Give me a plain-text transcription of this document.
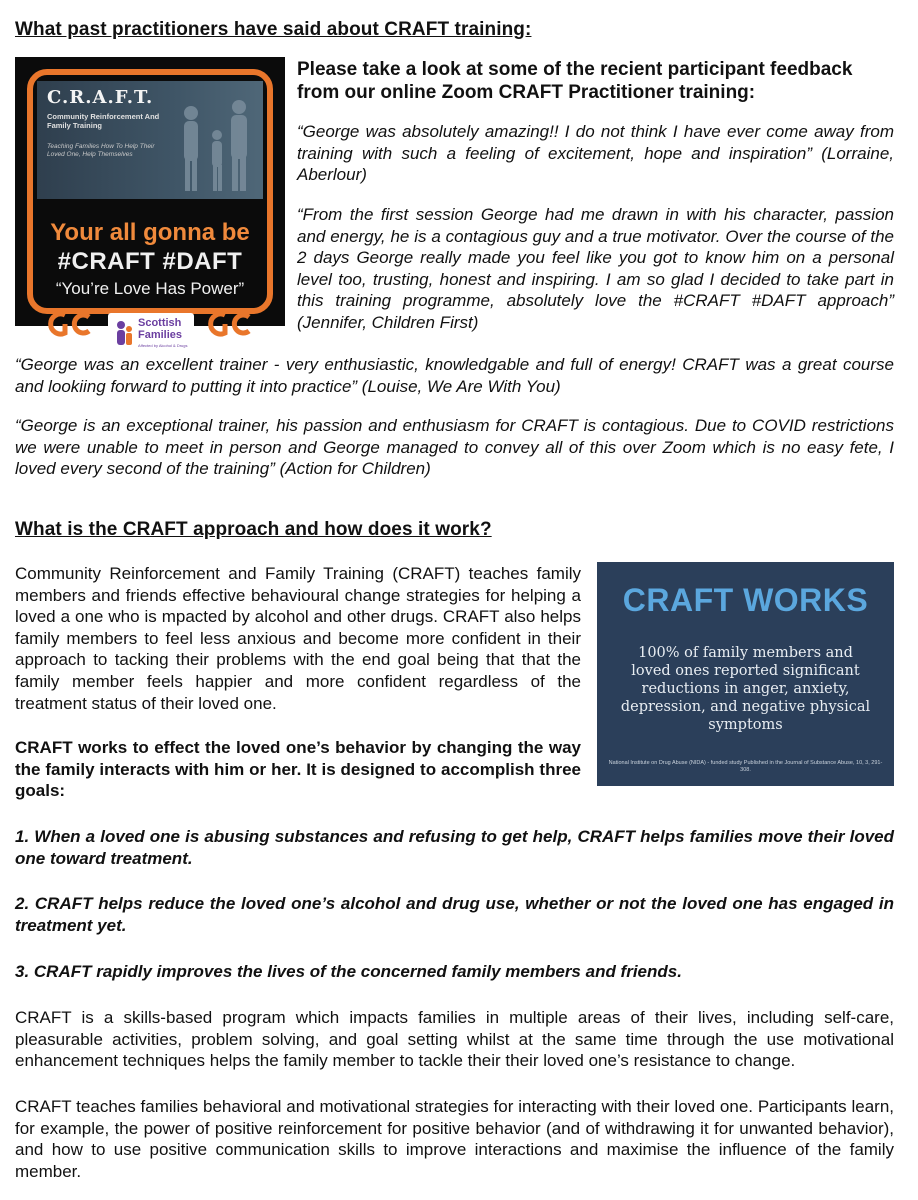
What past practitioners have said about CRAFT training:
C.R.A.F.T.
Community Reinforcement And Family Training
Teaching Families How To Help Their Loved One, Help Themselves
Your all gonna be
#CRAFT #DAFT
“You’re Love Has Power”
Scottish Families
Affected by Alcohol & Drugs
Please take a look at some of the recient participant feedback from our online Zoom CRAFT Practitioner training:
“George was absolutely amazing!! I do not think I have ever come away from training with such a feeling of excitement, hope and inspiration” (Lorraine, Aberlour)
“From the first session George had me drawn in with his character, passion and energy, he is a contagious guy and a true motivator. Over the course of the 2 days George really made you feel like you got to know him on a personal level too, trusting, honest and inspiring. I am so glad I decided to take part in this training programme, absolutely love the #CRAFT #DAFT approach” (Jennifer, Children First)
“George was an excellent trainer - very enthusiastic, knowledgable and full of energy! CRAFT was a great course and lookiing forward to putting it into practice” (Louise, We Are With You)
“George is an exceptional trainer, his passion and enthusiasm for CRAFT is contagious. Due to COVID restrictions we were unable to meet in person and George managed to convey all of this over Zoom which is no easy fete, I loved every second of the training” (Action for Children)
What is the CRAFT approach and how does it work?
Community Reinforcement and Family Training (CRAFT) teaches family members and friends effective behavioural change strategies for helping a loved a one who is mpacted by alcohol and other drugs. CRAFT also helps family members to feel less anxious and become more confident in their approach to tacking their problems with the end goal being that that the family member feels happier and more confident regardless of the treatment status of their loved one.
CRAFT works to effect the loved one’s behavior by changing the way the family interacts with him or her. It is designed to accomplish three goals:
CRAFT WORKS
100% of family members and loved ones reported significant reductions in anger, anxiety, depression, and negative physical symptoms
National Institute on Drug Abuse (NIDA) - funded study Published in the Journal of Substance Abuse, 10, 3, 291-308.
1. When a loved one is abusing substances and refusing to get help, CRAFT helps families move their loved one toward treatment.
2. CRAFT helps reduce the loved one’s alcohol and drug use, whether or not the loved one has engaged in treatment yet.
3. CRAFT rapidly improves the lives of the concerned family members and friends.
CRAFT is a skills-based program which impacts families in multiple areas of their lives, including self-care, pleasurable activities, problem solving, and goal setting whilst at the same time through the use motivational enhancement techniques helps the family member to tackle their their loved one’s resistance to change.
CRAFT teaches families behavioral and motivational strategies for interacting with their loved one. Participants learn, for example, the power of positive reinforcement for positive behavior (and of withdrawing it for unwanted behavior), and how to use positive communication skills to improve interactions and maximise the influence of the family member.
